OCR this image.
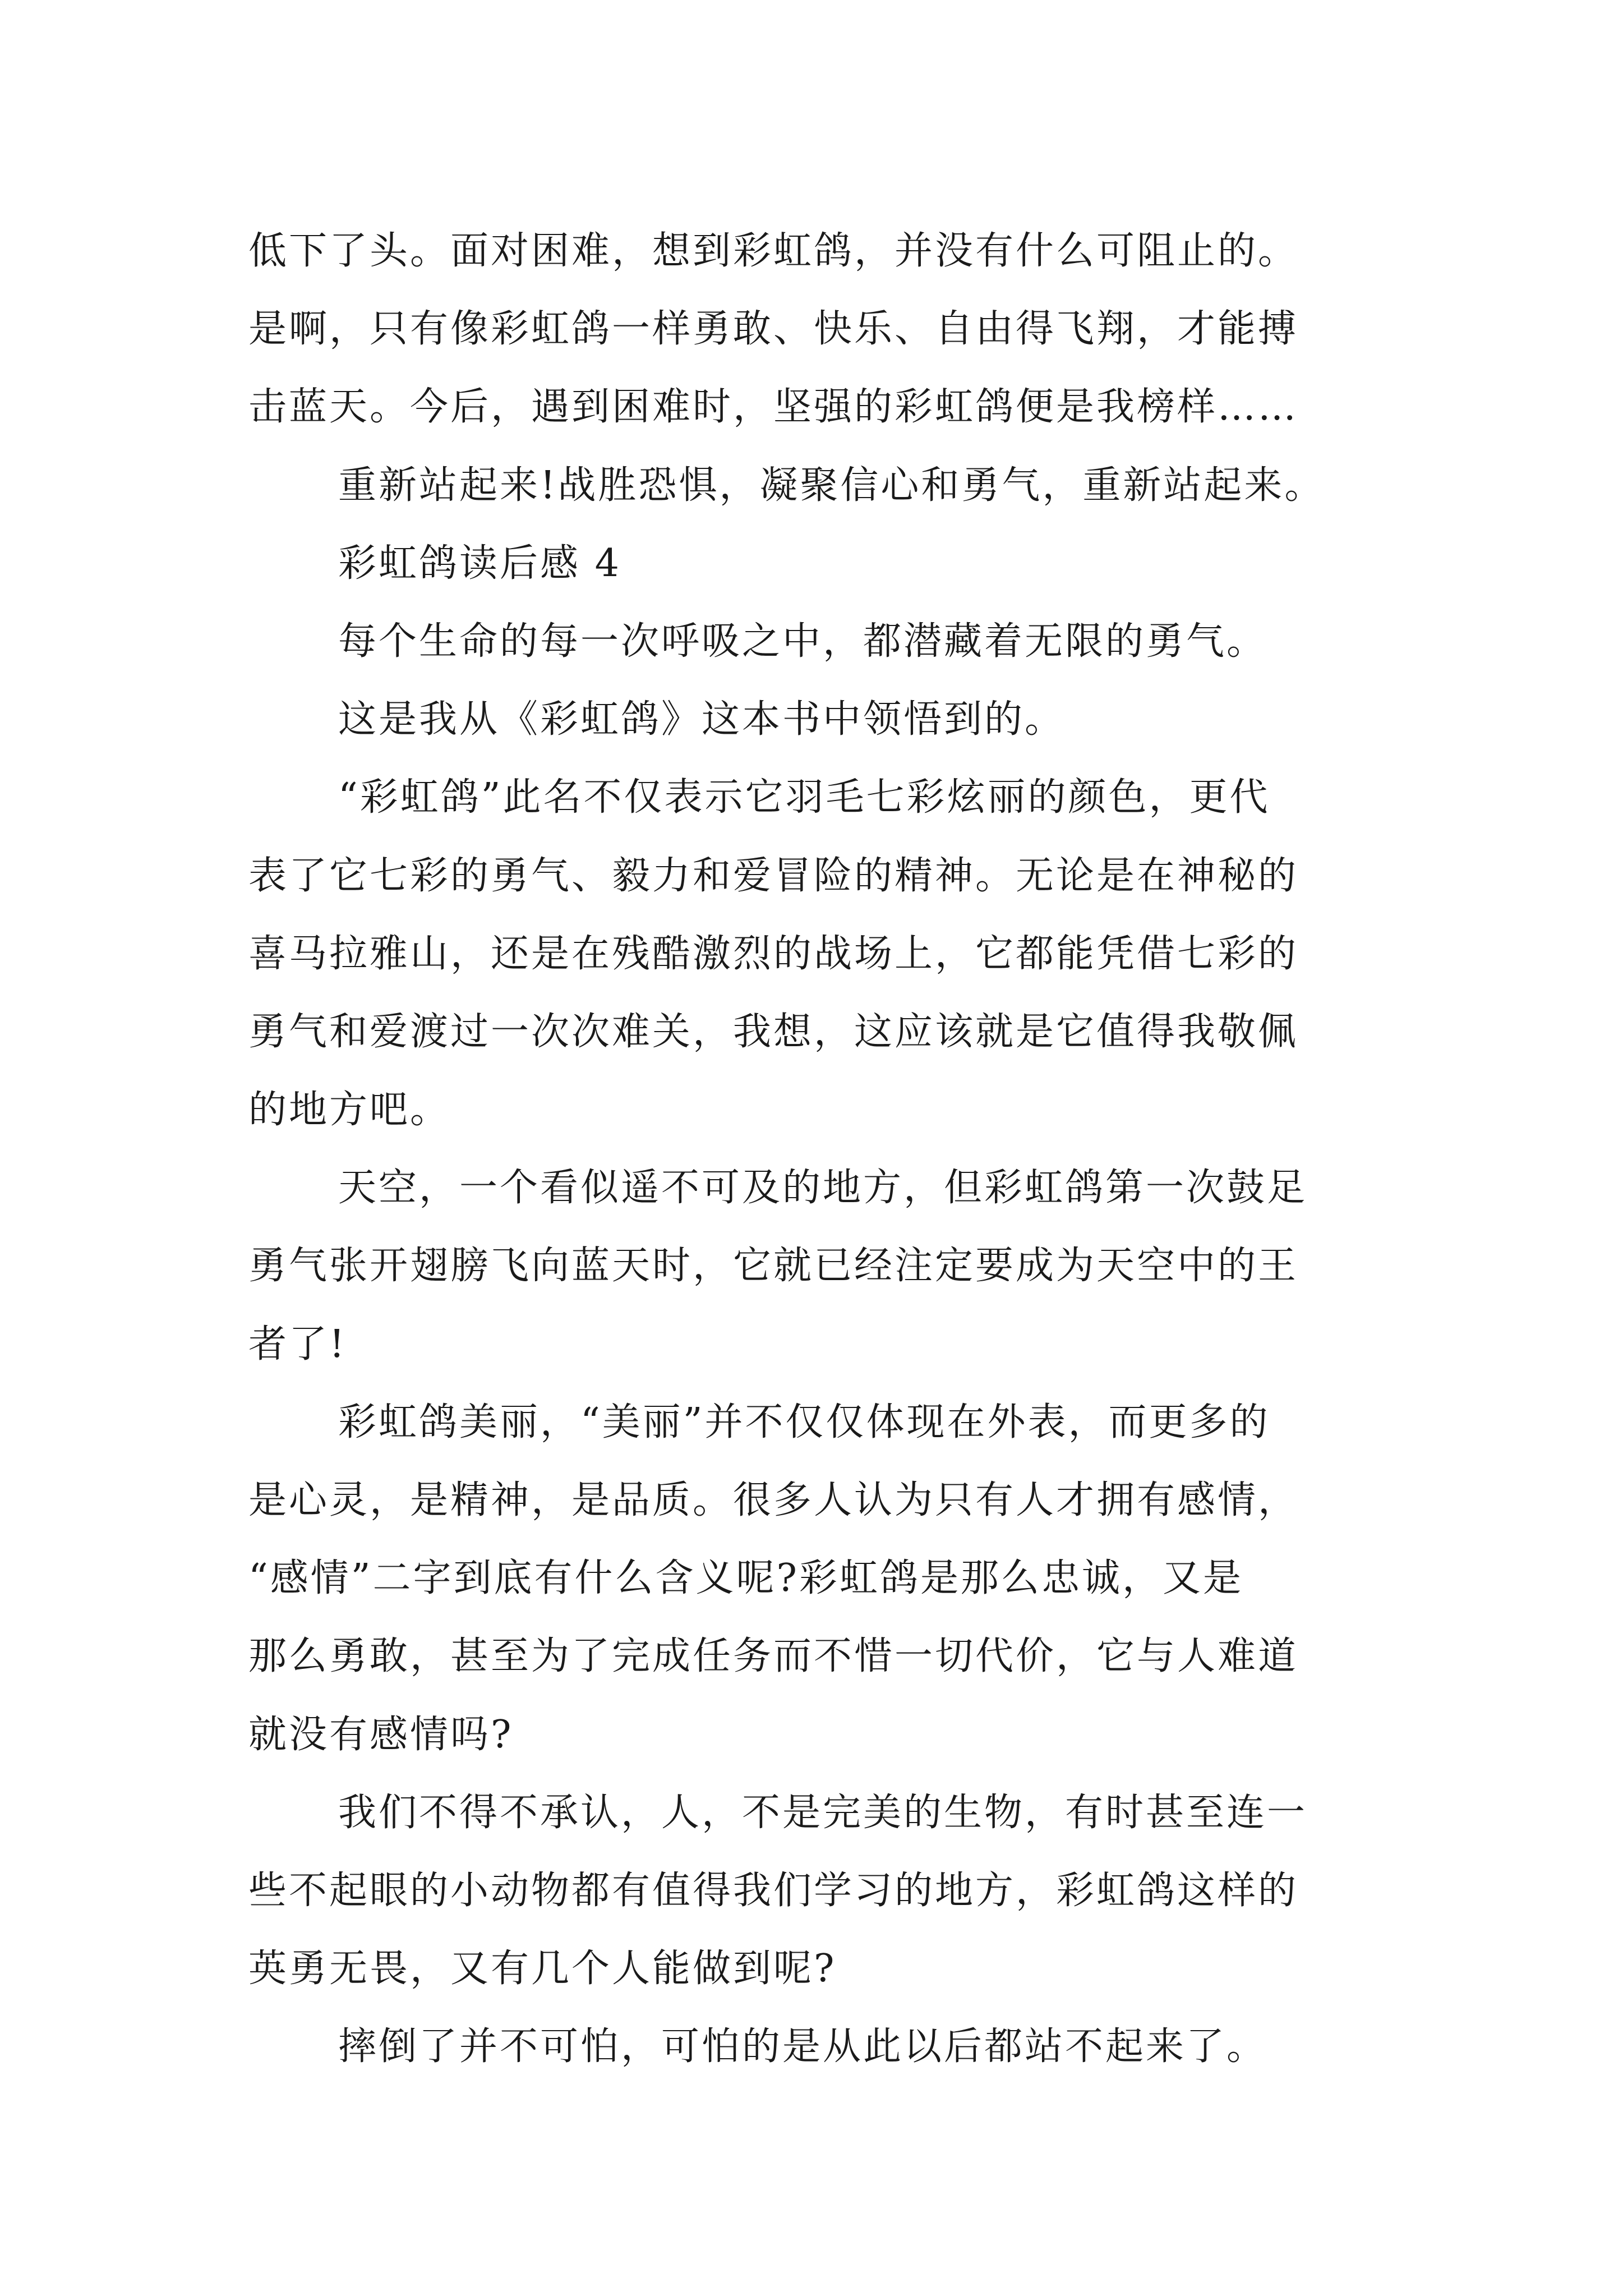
低下了头。面对困难，想到彩虹鸽，并没有什么可阻止的。
是啊，只有像彩虹鸽一样勇敢、快乐、自由得飞翔，才能搏
击蓝天。今后，遇到困难时，坚强的彩虹鸽便是我榜样……
重新站起来!战胜恐惧，凝聚信心和勇气，重新站起来。
彩虹鸽读后感 4
每个生命的每一次呼吸之中，都潜藏着无限的勇气。
这是我从《彩虹鸽》这本书中领悟到的。
“彩虹鸽”此名不仅表示它羽毛七彩炫丽的颜色，更代
表了它七彩的勇气、毅力和爱冒险的精神。无论是在神秘的
喜马拉雅山，还是在残酷激烈的战场上，它都能凭借七彩的
勇气和爱渡过一次次难关，我想，这应该就是它值得我敬佩
的地方吧。
天空，一个看似遥不可及的地方，但彩虹鸽第一次鼓足
勇气张开翅膀飞向蓝天时，它就已经注定要成为天空中的王
者了!
彩虹鸽美丽，“美丽”并不仅仅体现在外表，而更多的
是心灵，是精神，是品质。很多人认为只有人才拥有感情，
“感情”二字到底有什么含义呢?彩虹鸽是那么忠诚，又是
那么勇敢，甚至为了完成任务而不惜一切代价，它与人难道
就没有感情吗?
我们不得不承认，人，不是完美的生物，有时甚至连一
些不起眼的小动物都有值得我们学习的地方，彩虹鸽这样的
英勇无畏，又有几个人能做到呢?
摔倒了并不可怕，可怕的是从此以后都站不起来了。
